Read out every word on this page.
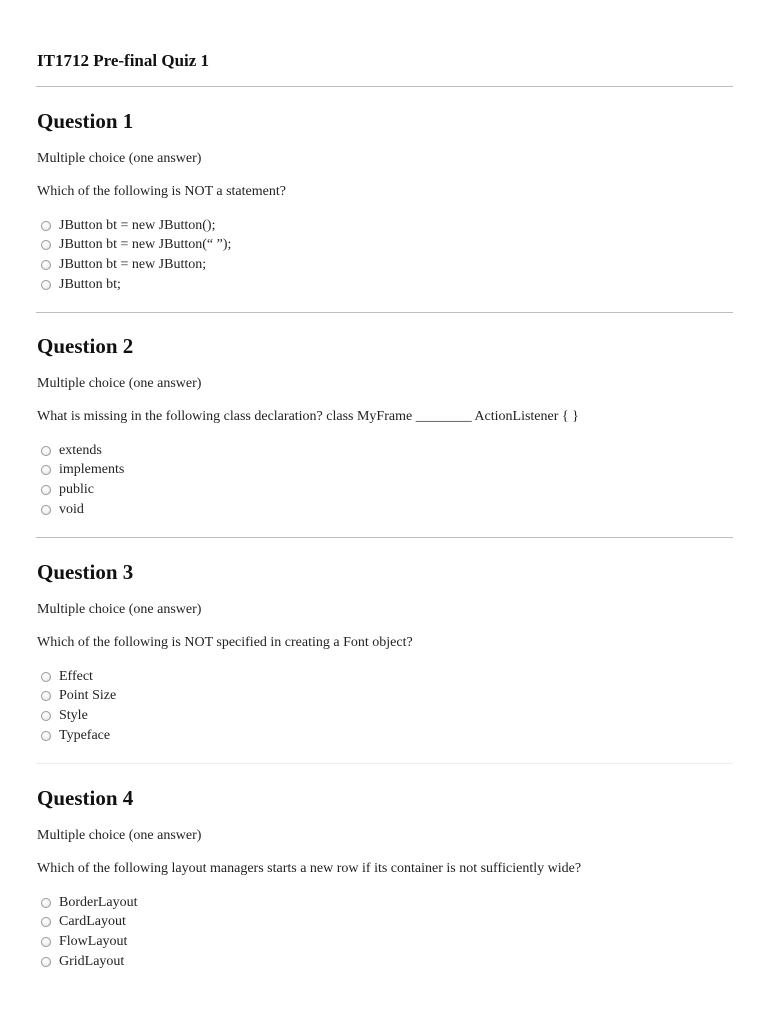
IT1712 Pre-final Quiz 1
Question 1
Multiple choice (one answer)
Which of the following is NOT a statement?
JButton bt = new JButton();
JButton bt = new JButton(“ ”);
JButton bt = new JButton;
JButton bt;
Question 2
Multiple choice (one answer)
What is missing in the following class declaration? class MyFrame ________ ActionListener { }
extends
implements
public
void
Question 3
Multiple choice (one answer)
Which of the following is NOT specified in creating a Font object?
Effect
Point Size
Style
Typeface
Question 4
Multiple choice (one answer)
Which of the following layout managers starts a new row if its container is not sufficiently wide?
BorderLayout
CardLayout
FlowLayout
GridLayout
